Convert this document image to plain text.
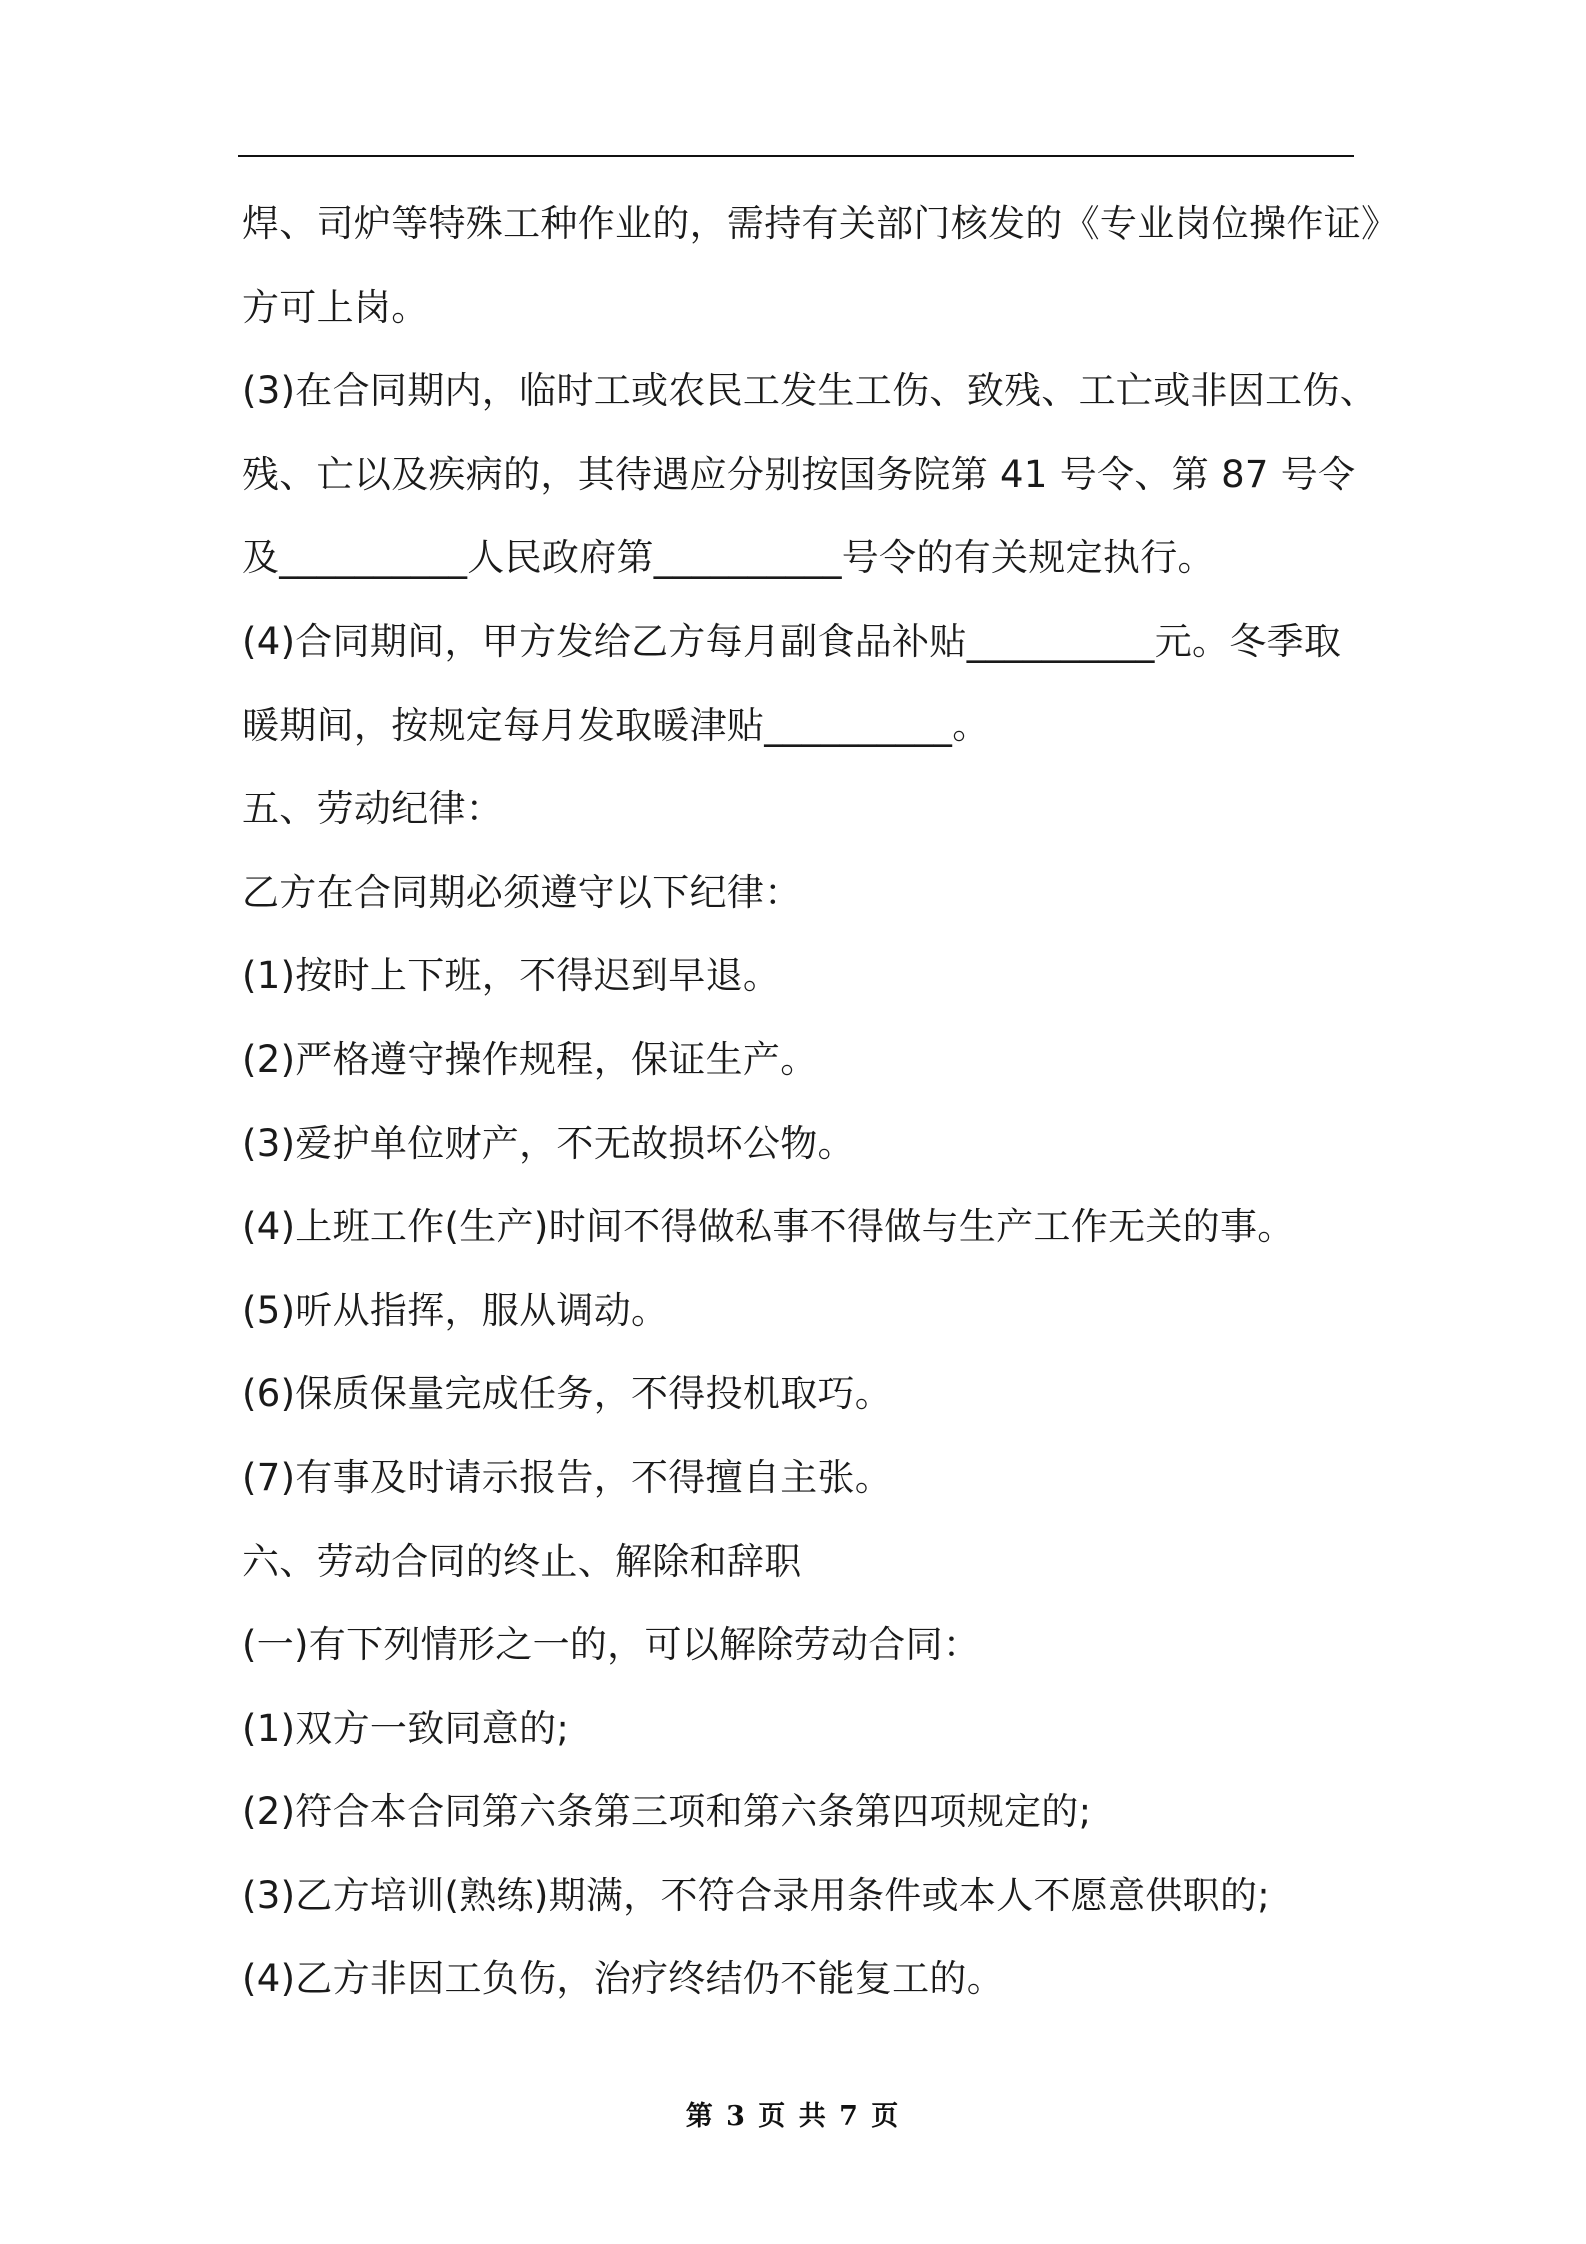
焊、司炉等特殊工种作业的，需持有关部门核发的《专业岗位操作证》
方可上岗。
(3)在合同期内，临时工或农民工发生工伤、致残、工亡或非因工伤、
残、亡以及疾病的，其待遇应分别按国务院第 41 号令、第 87 号令
及__________人民政府第__________号令的有关规定执行。
(4)合同期间，甲方发给乙方每月副食品补贴__________元。冬季取
暖期间，按规定每月发取暖津贴__________。
五、劳动纪律：
乙方在合同期必须遵守以下纪律：
(1)按时上下班，不得迟到早退。
(2)严格遵守操作规程，保证生产。
(3)爱护单位财产，不无故损坏公物。
(4)上班工作(生产)时间不得做私事不得做与生产工作无关的事。
(5)听从指挥，服从调动。
(6)保质保量完成任务，不得投机取巧。
(7)有事及时请示报告，不得擅自主张。
六、劳动合同的终止、解除和辞职
(一)有下列情形之一的，可以解除劳动合同：
(1)双方一致同意的;
(2)符合本合同第六条第三项和第六条第四项规定的;
(3)乙方培训(熟练)期满，不符合录用条件或本人不愿意供职的;
(4)乙方非因工负伤，治疗终结仍不能复工的。
第 3 页 共 7 页
